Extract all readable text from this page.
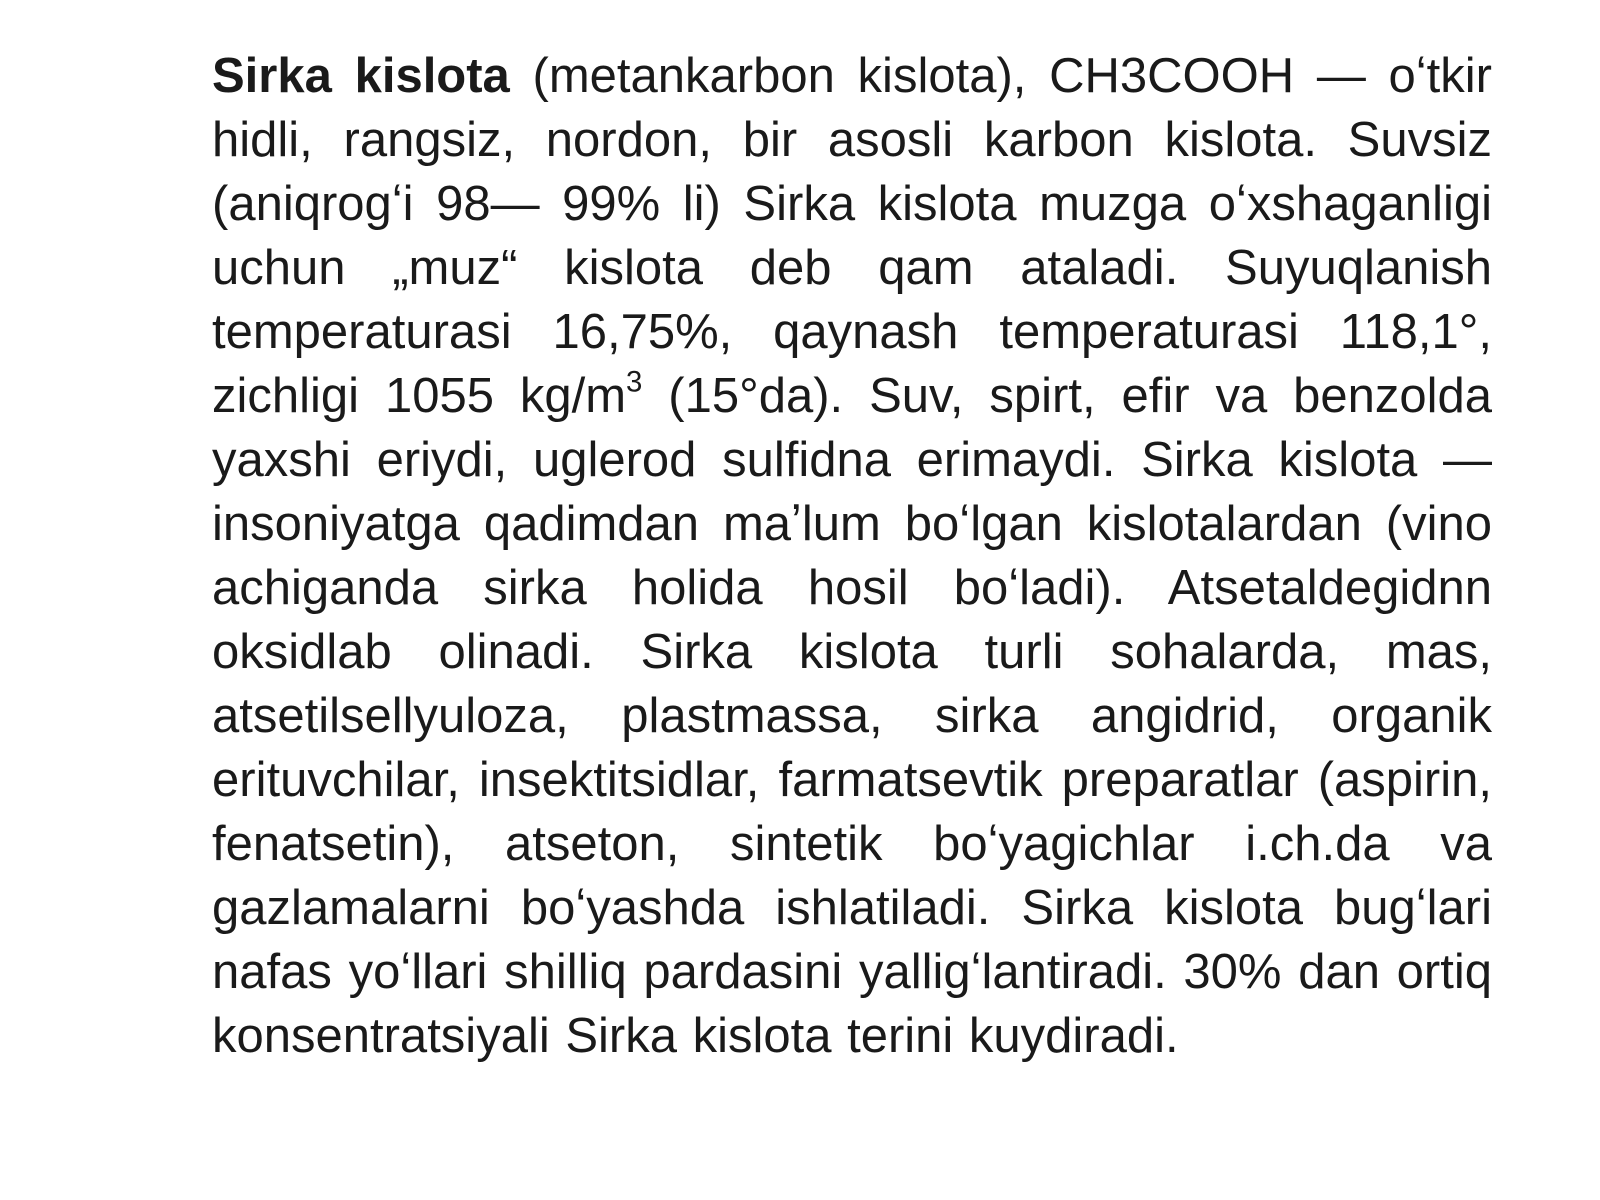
Sirka kislota (metankarbon kislota), CH3COOH — oʻtkir hidli, rangsiz, nordon, bir asosli karbon kislota. Suvsiz (aniqrogʻi 98— 99% li) Sirka kislota muzga oʻxshaganligi uchun „muz“ kislota deb qam ataladi. Suyuqlanish temperaturasi 16,75%, qaynash temperaturasi 118,1°, zichligi 1055 $kg/m^3$ (15°da). Suv, spirt, efir va benzolda yaxshi eriydi, uglerod sulfidna erimaydi. Sirka kislota — insoniyatga qadimdan maʼlum boʻlgan kislotalardan (vino achiganda sirka holida hosil boʻladi). Atsetaldegidnn oksidlab olinadi. Sirka kislota turli sohalarda, mas, atsetilsellyuloza, plastmassa, sirka angidrid, organik erituvchilar, insektitsidlar, farmatsevtik preparatlar (aspirin, fenatsetin), atseton, sintetik boʻyagichlar i.ch.da va gazlamalarni boʻyashda ishlatiladi. Sirka kislota bugʻlari nafas yoʻllari shilliq pardasini yalligʻlantiradi. 30% dan ortiq konsentratsiyali Sirka kislota terini kuydiradi.
